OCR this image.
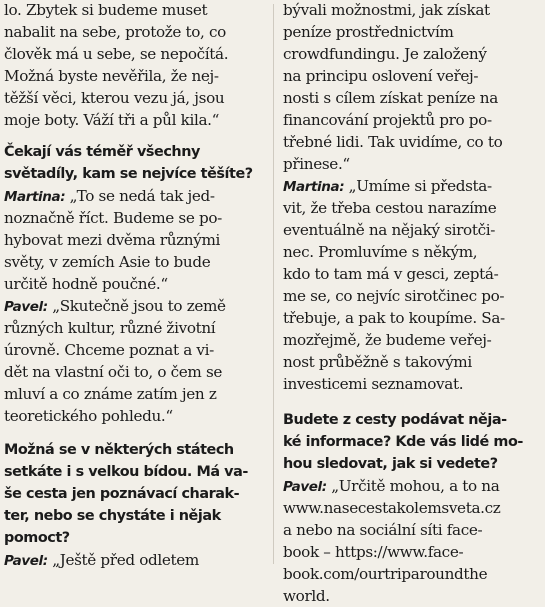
lo. Zbytek si budeme muset
nabalit na sebe, protože to, co
člověk má u sebe, se nepočítá.
Možná byste nevěřila, že nej-
těžší věci, kterou vezu já, jsou
moje boty. Váží tři a půl kila.“
Čekají vás téměř všechny
světadíly, kam se nejvíce těšíte?
Martina: „To se nedá tak jed-
noznačně říct. Budeme se po-
hybovat mezi dvěma různými
světy, v zemích Asie to bude
určitě hodně poučné.“
Pavel: „Skutečně jsou to země
různých kultur, různé životní
úrovně. Chceme poznat a vi-
dět na vlastní oči to, o čem se
mluví a co známe zatím jen z
teoretického pohledu.“
Možná se v některých státech
setkáte i s velkou bídou. Má va-
še cesta jen poznávací charak-
ter, nebo se chystáte i nějak
pomoct?
Pavel: „Ještě před odletem
bývali možnostmi, jak získat
peníze prostřednictvím
crowdfundingu. Je založený
na principu oslovení veřej-
nosti s cílem získat peníze na
financování projektů pro po-
třebné lidi. Tak uvidíme, co to
přinese.“
Martina: „Umíme si předsta-
vit, že třeba cestou narazíme
eventuálně na nějaký sirotči-
nec. Promluvíme s někým,
kdo to tam má v gesci, zeptá-
me se, co nejvíc sirotčinec po-
třebuje, a pak to koupíme. Sa-
mozřejmě, že budeme veřej-
nost průběžně s takovými
investicemi seznamovat.
Budete z cesty podávat něja-
ké informace? Kde vás lidé mo-
hou sledovat, jak si vedete?
Pavel: „Určitě mohou, a to na
www.nasecestakolemsveta.cz
a nebo na sociální síti face-
book – https://www.face-
book.com/ourtriparoundthe
world.
